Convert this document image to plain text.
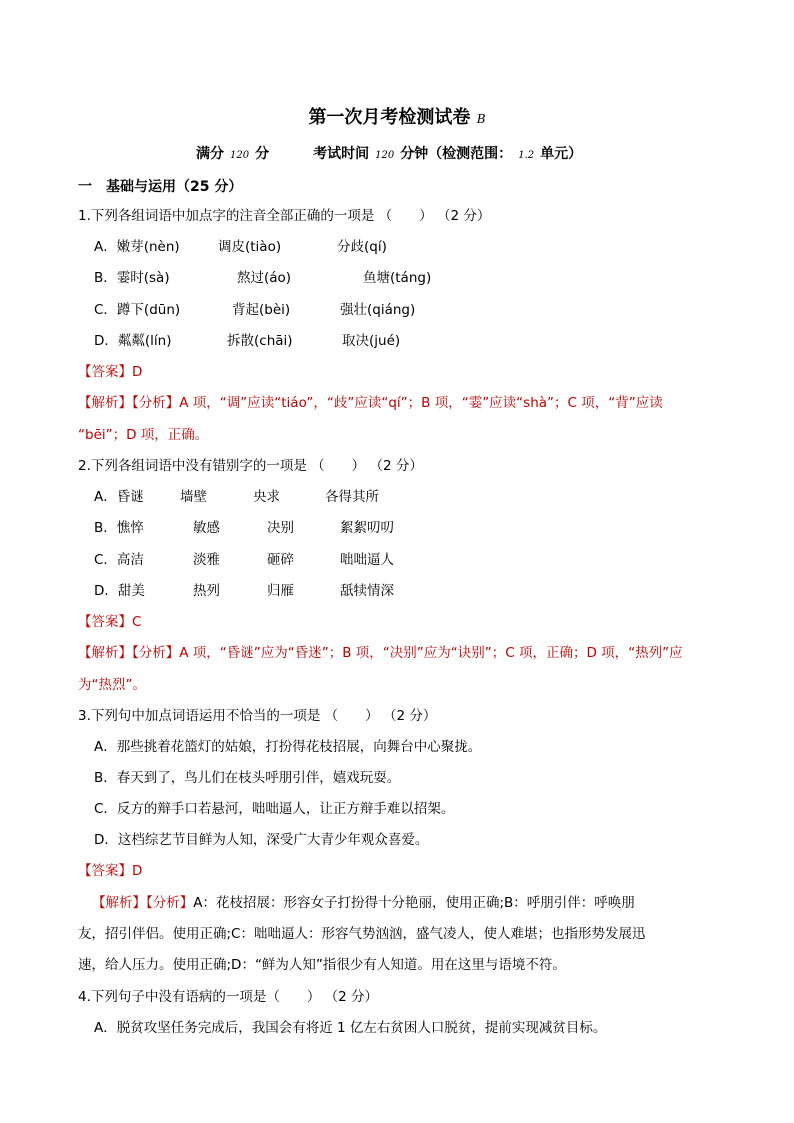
第一次月考检测试卷 B
满分 120 分	考试时间 120 分钟（检测范围： 1.2 单元）
一　基础与运用（25 分）
1.下列各组词语中加点字的注音全部正确的一项是 （　　） （2 分）
A．嫩芽(nèn)	调皮(tiào)	分歧(qí)
B．霎时(sà)	熬过(áo)	鱼塘(táng)
C．蹲下(dūn)	背起(bèi)	强壮(qiáng)
D．粼粼(lín)	拆散(chāi)	取决(jué)
【答案】D
【解析】【分析】A 项，“调”应读“tiáo”，“歧”应读“qí”；B 项，“霎”应读“shà”；C 项，“背”应读
“bēi”；D 项，正确。
2.下列各组词语中没有错别字的一项是 （　　） （2 分）
A．昏谜	墙壁	央求	各得其所
B．憔悴	敏感	决别	絮絮叨叨
C．高洁	淡雅	砸碎	咄咄逼人
D．甜美	热列	归雁	舐犊情深
【答案】C
【解析】【分析】A 项，“昏谜”应为“昏迷”；B 项，“决别”应为“诀别”；C 项，正确；D 项，“热列”应
为“热烈”。
3.下列句中加点词语运用不恰当的一项是 （　　） （2 分）
A．那些挑着花篮灯的姑娘，打扮得花枝招展，向舞台中心聚拢。
B．春天到了，鸟儿们在枝头呼朋引伴，嬉戏玩耍。
C．反方的辩手口若悬河，咄咄逼人，让正方辩手难以招架。
D．这档综艺节目鲜为人知，深受广大青少年观众喜爱。
【答案】D
【解析】【分析】A：花枝招展：形容女子打扮得十分艳丽，使用正确;B：呼朋引伴：呼唤朋
友，招引伴侣。使用正确;C：咄咄逼人：形容气势汹汹，盛气凌人，使人难堪；也指形势发展迅
速，给人压力。使用正确;D：“鲜为人知”指很少有人知道。用在这里与语境不符。
4.下列句子中没有语病的一项是（　　） （2 分）
A．脱贫攻坚任务完成后，我国会有将近 1 亿左右贫困人口脱贫，提前实现减贫目标。
